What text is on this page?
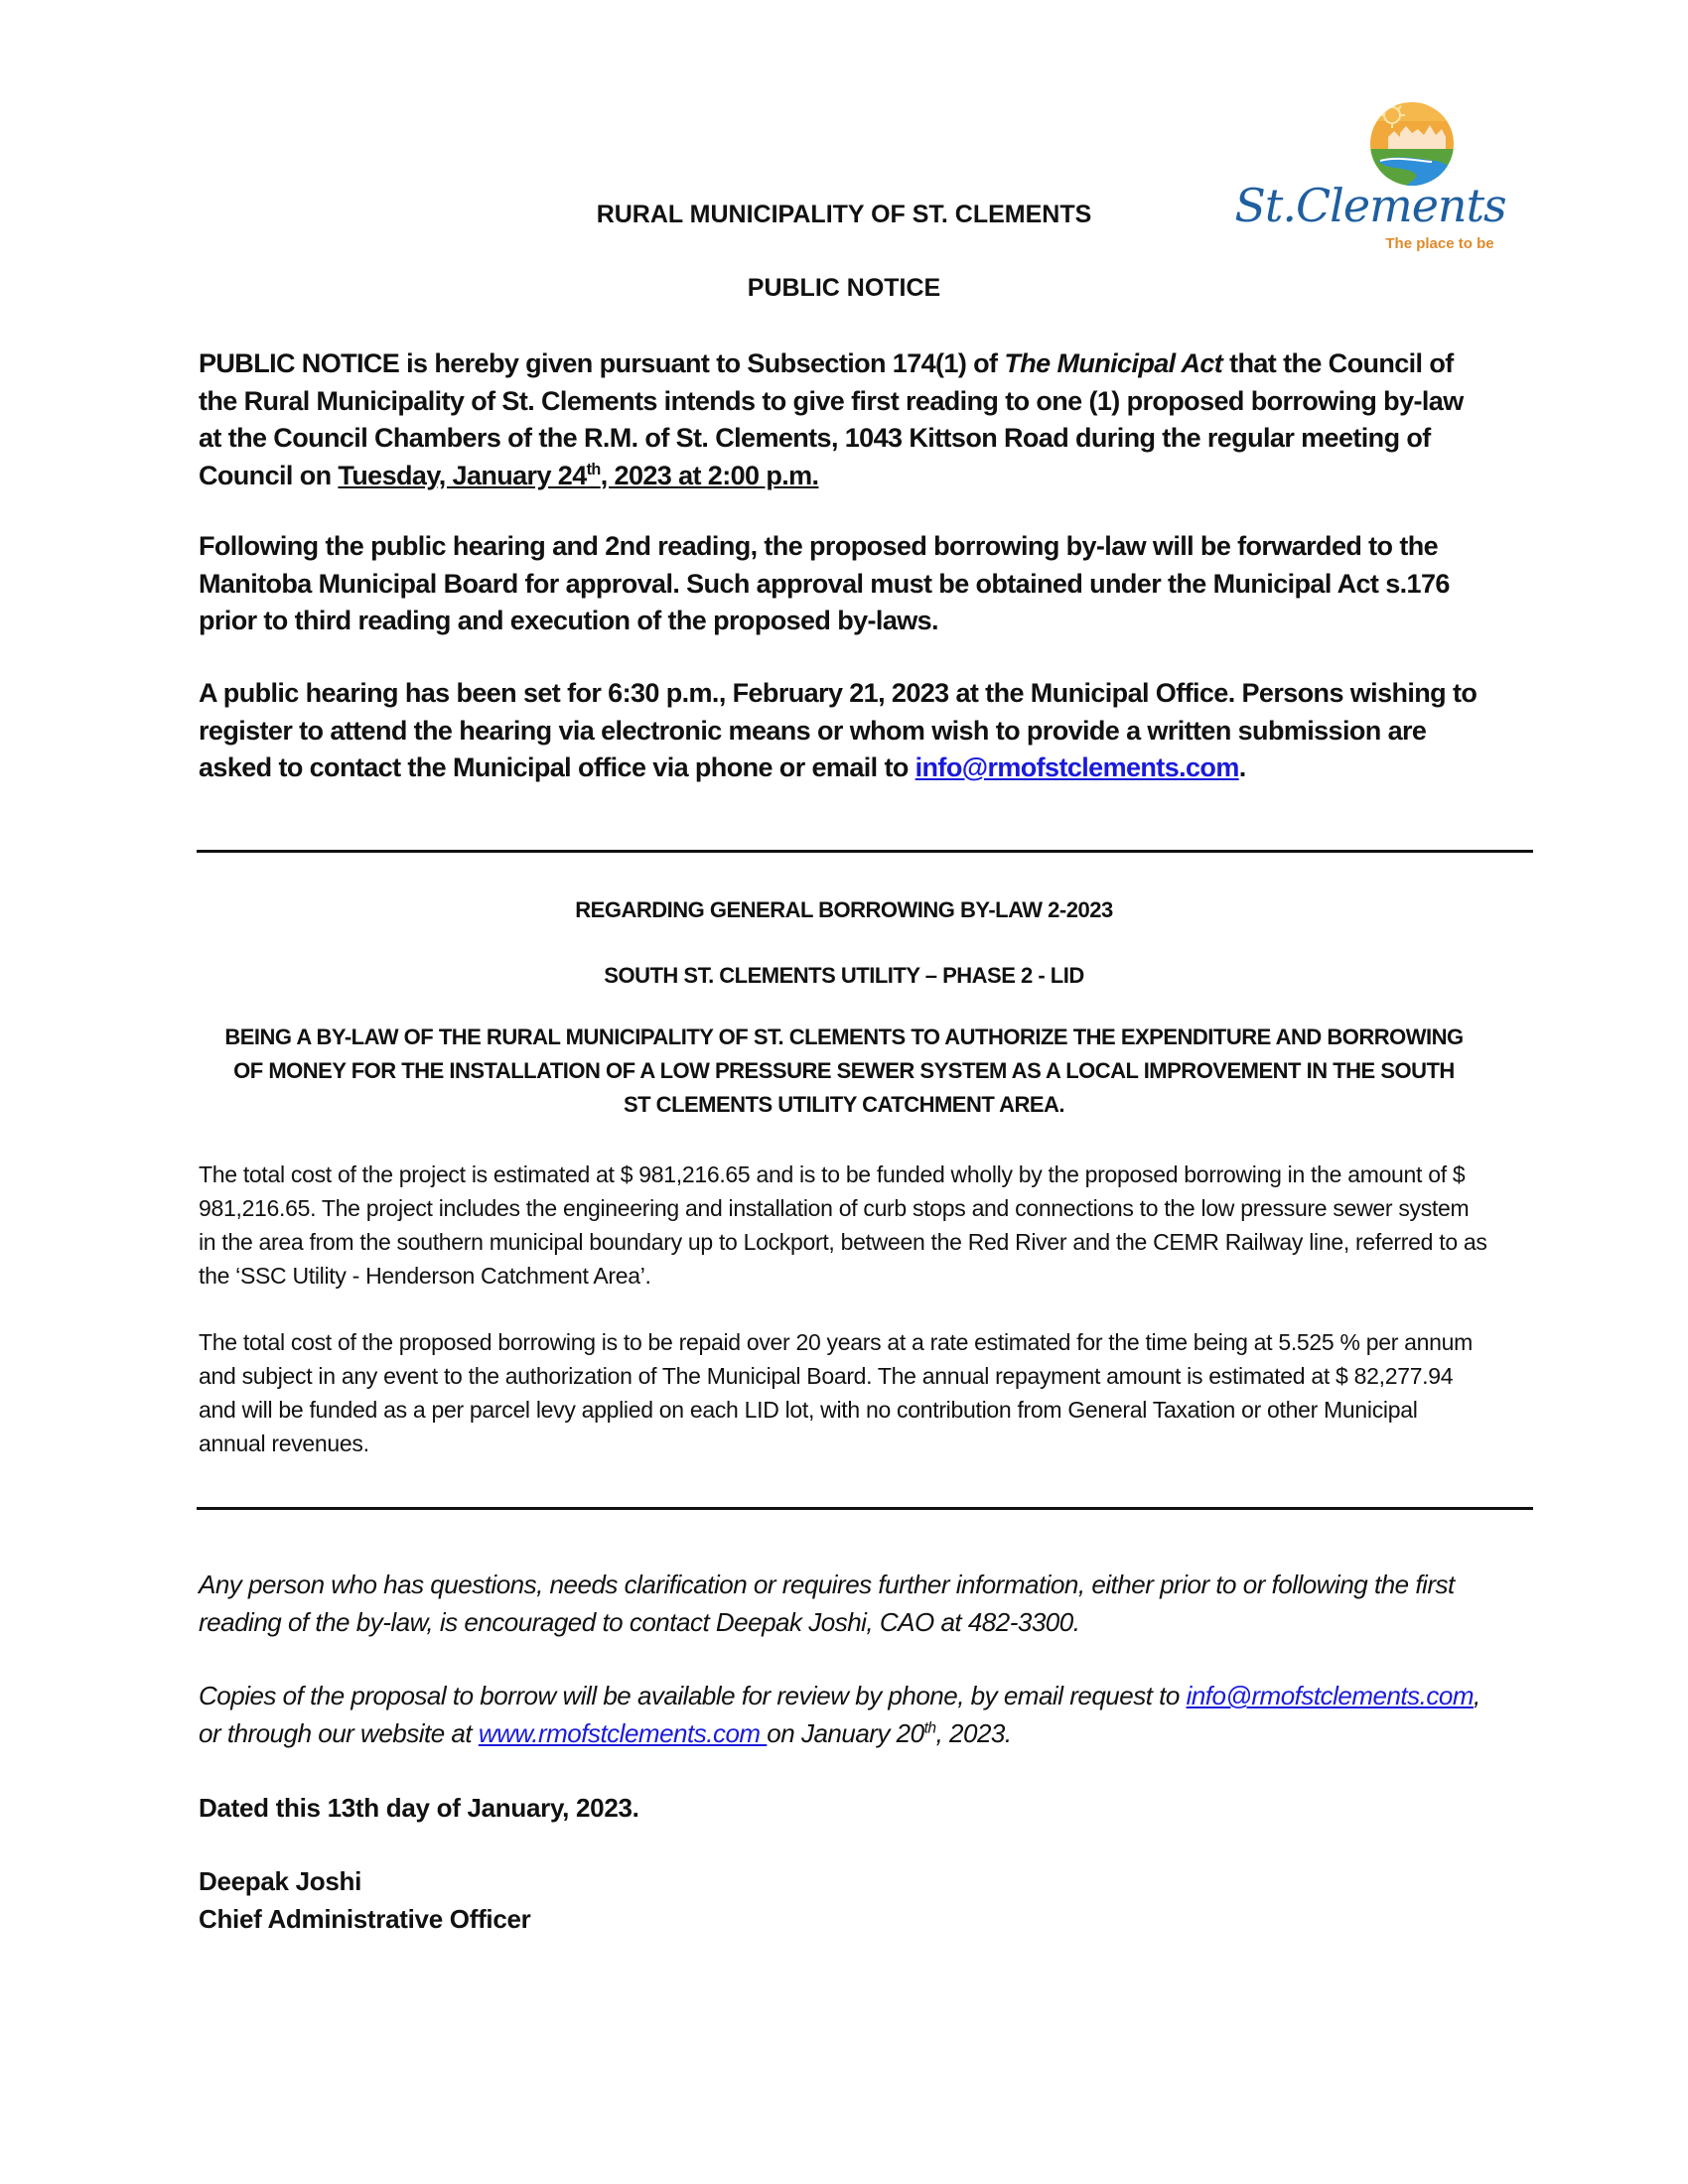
St.Clements
The place to be
RURAL MUNICIPALITY OF ST. CLEMENTS
PUBLIC NOTICE
PUBLIC NOTICE is hereby given pursuant to Subsection 174(1) of The Municipal Act that the Council of the Rural Municipality of St. Clements intends to give first reading to one (1) proposed borrowing by-law at the Council Chambers of the R.M. of St. Clements, 1043 Kittson Road during the regular meeting of Council on Tuesday, January 24th, 2023 at 2:00 p.m.
Following the public hearing and 2nd reading, the proposed borrowing by-law will be forwarded to the Manitoba Municipal Board for approval. Such approval must be obtained under the Municipal Act s.176 prior to third reading and execution of the proposed by-laws.
A public hearing has been set for 6:30 p.m., February 21, 2023 at the Municipal Office. Persons wishing to register to attend the hearing via electronic means or whom wish to provide a written submission are asked to contact the Municipal office via phone or email to info@rmofstclements.com.
REGARDING GENERAL BORROWING BY-LAW 2-2023
SOUTH ST. CLEMENTS UTILITY – PHASE 2 - LID
BEING A BY-LAW OF THE RURAL MUNICIPALITY OF ST. CLEMENTS TO AUTHORIZE THE EXPENDITURE AND BORROWING OF MONEY FOR THE INSTALLATION OF A LOW PRESSURE SEWER SYSTEM AS A LOCAL IMPROVEMENT IN THE SOUTH ST CLEMENTS UTILITY CATCHMENT AREA.
The total cost of the project is estimated at $ 981,216.65 and is to be funded wholly by the proposed borrowing in the amount of $ 981,216.65. The project includes the engineering and installation of curb stops and connections to the low pressure sewer system in the area from the southern municipal boundary up to Lockport, between the Red River and the CEMR Railway line, referred to as the ‘SSC Utility - Henderson Catchment Area’.
The total cost of the proposed borrowing is to be repaid over 20 years at a rate estimated for the time being at 5.525 % per annum and subject in any event to the authorization of The Municipal Board. The annual repayment amount is estimated at $ 82,277.94 and will be funded as a per parcel levy applied on each LID lot, with no contribution from General Taxation or other Municipal annual revenues.
Any person who has questions, needs clarification or requires further information, either prior to or following the first reading of the by-law, is encouraged to contact Deepak Joshi, CAO at 482-3300.
Copies of the proposal to borrow will be available for review by phone, by email request to info@rmofstclements.com, or through our website at www.rmofstclements.com on January 20th, 2023.
Dated this 13th day of January, 2023.
Deepak Joshi
Chief Administrative Officer
